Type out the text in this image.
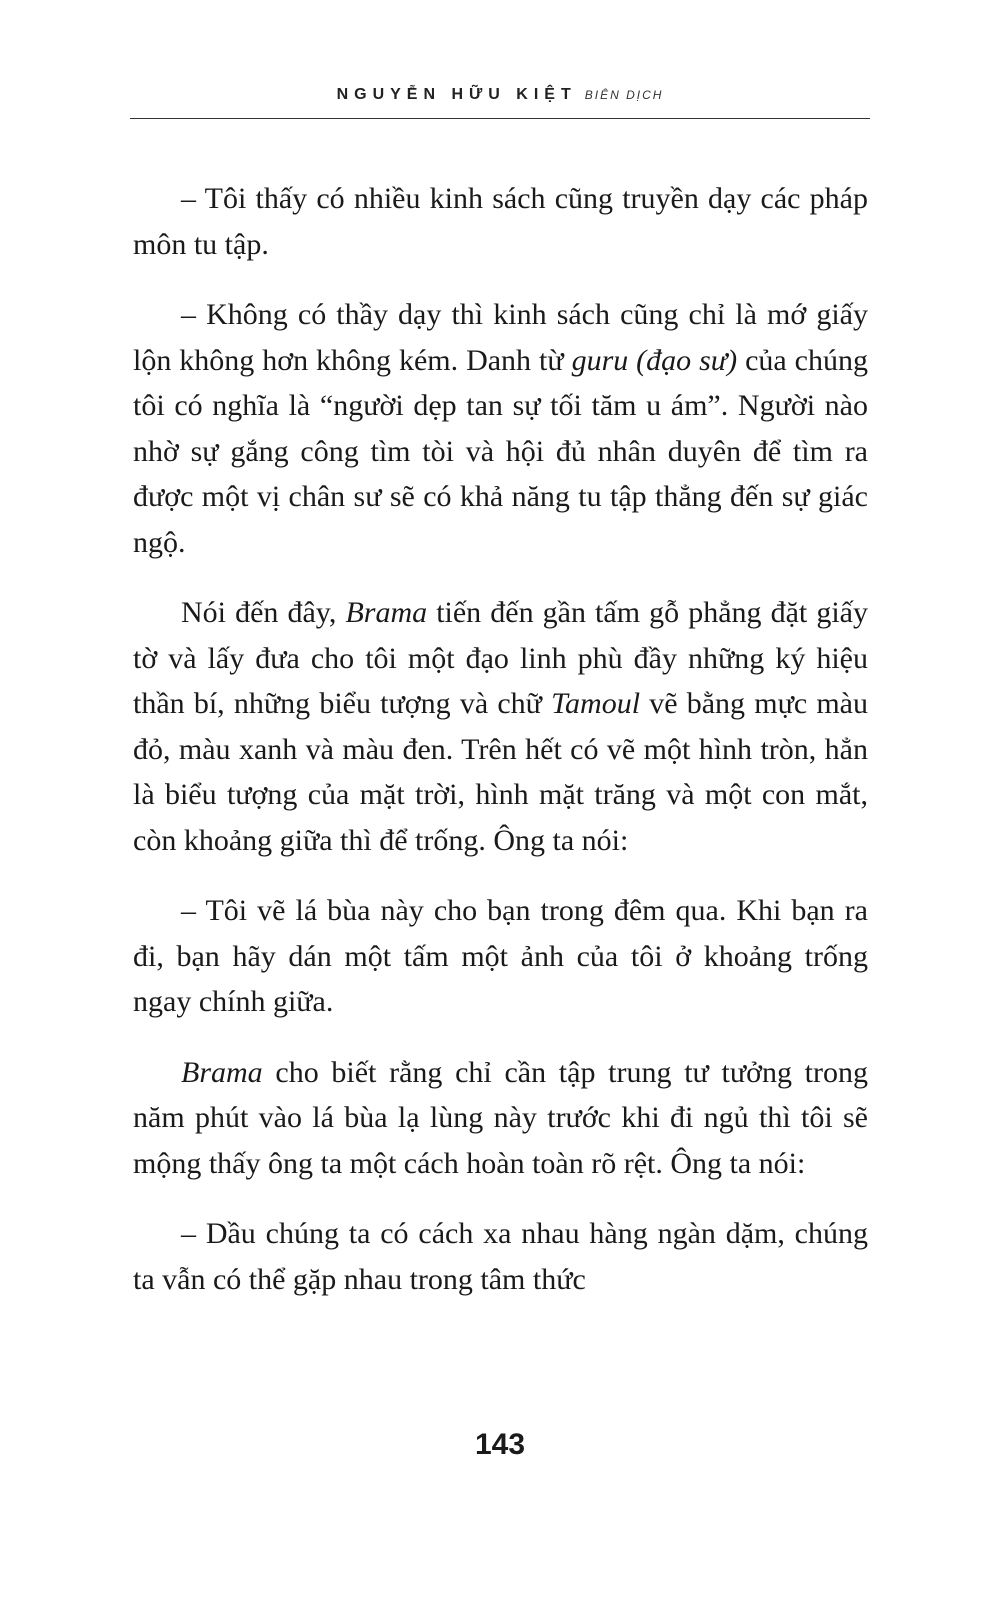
NGUYỄN HỮU KIỆT BIÊN DỊCH

– Tôi thấy có nhiều kinh sách cũng truyền dạy các pháp môn tu tập.

– Không có thầy dạy thì kinh sách cũng chỉ là mớ giấy lộn không hơn không kém. Danh từ guru (đạo sư) của chúng tôi có nghĩa là “người dẹp tan sự tối tăm u ám”. Người nào nhờ sự gắng công tìm tòi và hội đủ nhân duyên để tìm ra được một vị chân sư sẽ có khả năng tu tập thẳng đến sự giác ngộ.

Nói đến đây, Brama tiến đến gần tấm gỗ phẳng đặt giấy tờ và lấy đưa cho tôi một đạo linh phù đầy những ký hiệu thần bí, những biểu tượng và chữ Tamoul vẽ bằng mực màu đỏ, màu xanh và màu đen. Trên hết có vẽ một hình tròn, hẳn là biểu tượng của mặt trời, hình mặt trăng và một con mắt, còn khoảng giữa thì để trống. Ông ta nói:

– Tôi vẽ lá bùa này cho bạn trong đêm qua. Khi bạn ra đi, bạn hãy dán một tấm một ảnh của tôi ở khoảng trống ngay chính giữa.

Brama cho biết rằng chỉ cần tập trung tư tưởng trong năm phút vào lá bùa lạ lùng này trước khi đi ngủ thì tôi sẽ mộng thấy ông ta một cách hoàn toàn rõ rệt. Ông ta nói:

– Dầu chúng ta có cách xa nhau hàng ngàn dặm, chúng ta vẫn có thể gặp nhau trong tâm thức

143
